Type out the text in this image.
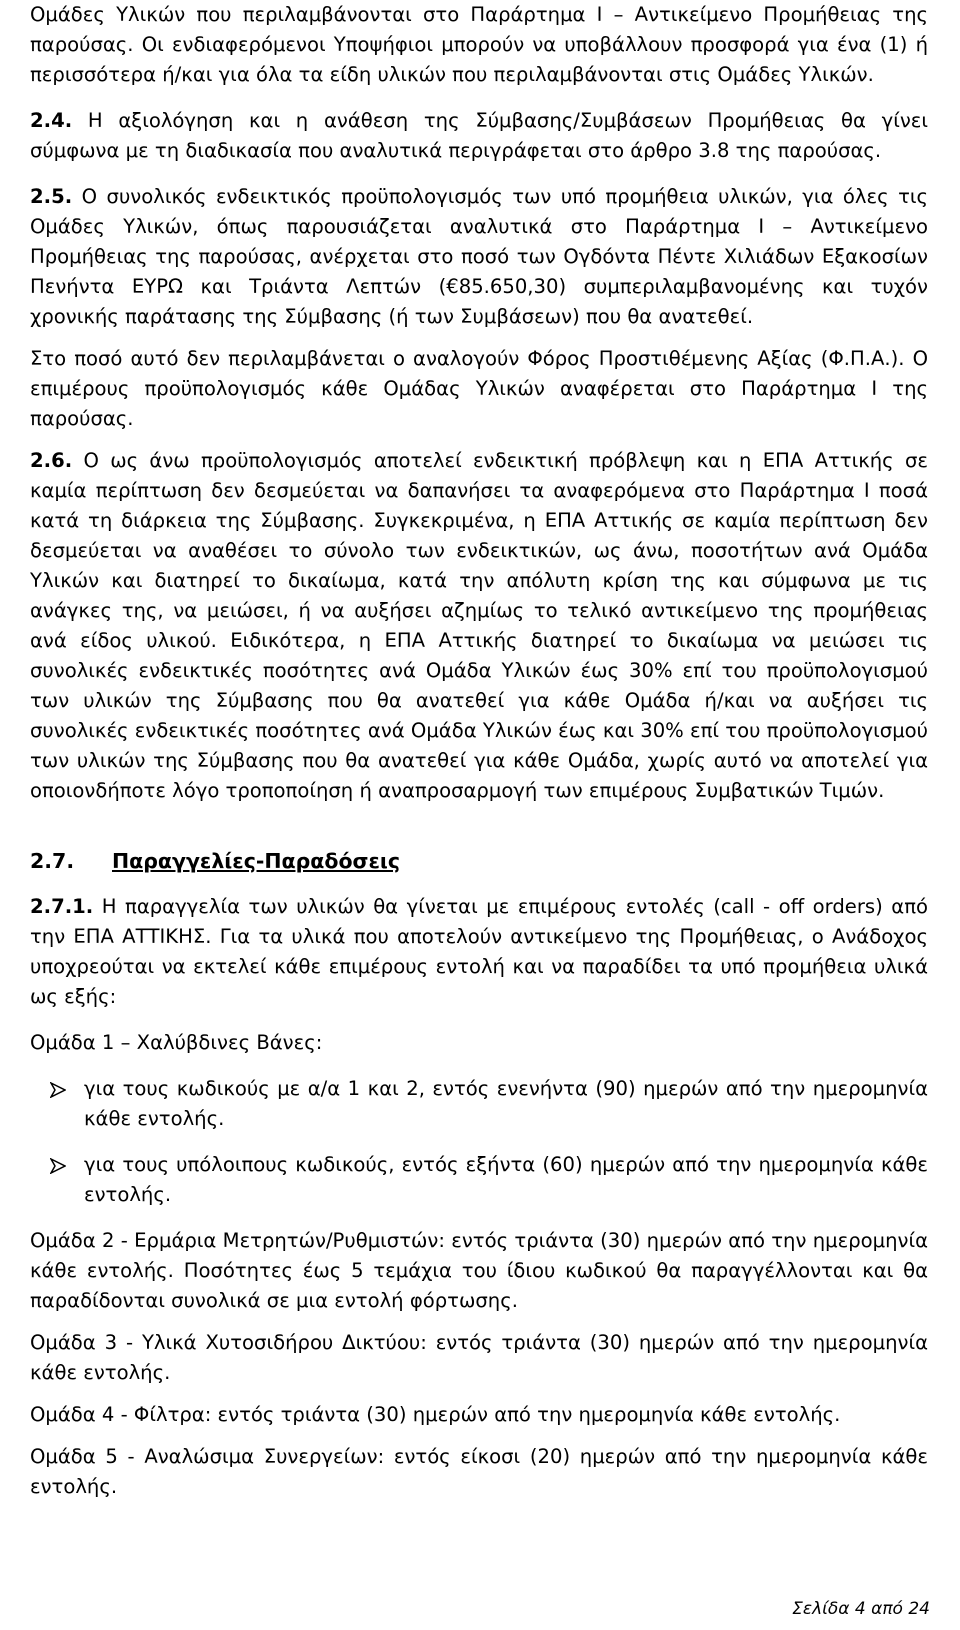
Ομάδες Υλικών που περιλαμβάνονται στο Παράρτημα Ι – Αντικείμενο Προμήθειας της παρούσας. Οι ενδιαφερόμενοι Υποψήφιοι μπορούν να υποβάλλουν προσφορά για ένα (1) ή περισσότερα ή/και για όλα τα είδη υλικών που περιλαμβάνονται στις Ομάδες Υλικών.

2.4. Η αξιολόγηση και η ανάθεση της Σύμβασης/Συμβάσεων Προμήθειας θα γίνει σύμφωνα με τη διαδικασία που αναλυτικά περιγράφεται στο άρθρο 3.8 της παρούσας.

2.5. Ο συνολικός ενδεικτικός προϋπολογισμός των υπό προμήθεια υλικών, για όλες τις Ομάδες Υλικών, όπως παρουσιάζεται αναλυτικά στο Παράρτημα Ι – Αντικείμενο Προμήθειας της παρούσας, ανέρχεται στο ποσό των Ογδόντα Πέντε Χιλιάδων Εξακοσίων Πενήντα ΕΥΡΩ και Τριάντα Λεπτών (€85.650,30) συμπεριλαμβανομένης και τυχόν χρονικής παράτασης της Σύμβασης (ή των Συμβάσεων) που θα ανατεθεί.

Στο ποσό αυτό δεν περιλαμβάνεται ο αναλογούν Φόρος Προστιθέμενης Αξίας (Φ.Π.Α.). Ο επιμέρους προϋπολογισμός κάθε Ομάδας Υλικών αναφέρεται στο Παράρτημα Ι της παρούσας.

2.6. Ο ως άνω προϋπολογισμός αποτελεί ενδεικτική πρόβλεψη και η ΕΠΑ Αττικής σε καμία περίπτωση δεν δεσμεύεται να δαπανήσει τα αναφερόμενα στο Παράρτημα Ι ποσά κατά τη διάρκεια της Σύμβασης. Συγκεκριμένα, η ΕΠΑ Αττικής σε καμία περίπτωση δεν δεσμεύεται να αναθέσει το σύνολο των ενδεικτικών, ως άνω, ποσοτήτων ανά Ομάδα Υλικών και διατηρεί το δικαίωμα, κατά την απόλυτη κρίση της και σύμφωνα με τις ανάγκες της, να μειώσει, ή να αυξήσει αζημίως το τελικό αντικείμενο της προμήθειας ανά είδος υλικού. Ειδικότερα, η ΕΠΑ Αττικής διατηρεί το δικαίωμα να μειώσει τις συνολικές ενδεικτικές ποσότητες ανά Ομάδα Υλικών έως 30% επί του προϋπολογισμού των υλικών της Σύμβασης που θα ανατεθεί για κάθε Ομάδα ή/και να αυξήσει τις συνολικές ενδεικτικές ποσότητες ανά Ομάδα Υλικών έως και 30% επί του προϋπολογισμού των υλικών της Σύμβασης που θα ανατεθεί για κάθε Ομάδα, χωρίς αυτό να αποτελεί για οποιονδήποτε λόγο τροποποίηση ή αναπροσαρμογή των επιμέρους Συμβατικών Τιμών.

2.7.	Παραγγελίες-Παραδόσεις

2.7.1. Η παραγγελία των υλικών θα γίνεται με επιμέρους εντολές (call - off orders) από την ΕΠΑ ΑΤΤΙΚΗΣ. Για τα υλικά που αποτελούν αντικείμενο της Προμήθειας, ο Ανάδοχος υποχρεούται να εκτελεί κάθε επιμέρους εντολή και να παραδίδει τα υπό προμήθεια υλικά ως εξής:

Ομάδα 1 – Χαλύβδινες Βάνες:

για τους κωδικούς με α/α 1 και 2, εντός ενενήντα (90) ημερών από την ημερομηνία κάθε εντολής.
για τους υπόλοιπους κωδικούς, εντός εξήντα (60) ημερών από την ημερομηνία κάθε εντολής.

Ομάδα 2 - Ερμάρια Μετρητών/Ρυθμιστών: εντός τριάντα (30) ημερών από την ημερομηνία κάθε εντολής. Ποσότητες έως 5 τεμάχια του ίδιου κωδικού θα παραγγέλλονται και θα παραδίδονται συνολικά σε μια εντολή φόρτωσης.

Ομάδα 3 - Υλικά Χυτοσιδήρου Δικτύου: εντός τριάντα (30) ημερών από την ημερομηνία κάθε εντολής.

Ομάδα 4 - Φίλτρα: εντός τριάντα (30) ημερών από την ημερομηνία κάθε εντολής.

Ομάδα 5 - Αναλώσιμα Συνεργείων: εντός είκοσι (20) ημερών από την ημερομηνία κάθε εντολής.

Σελίδα 4 από 24
